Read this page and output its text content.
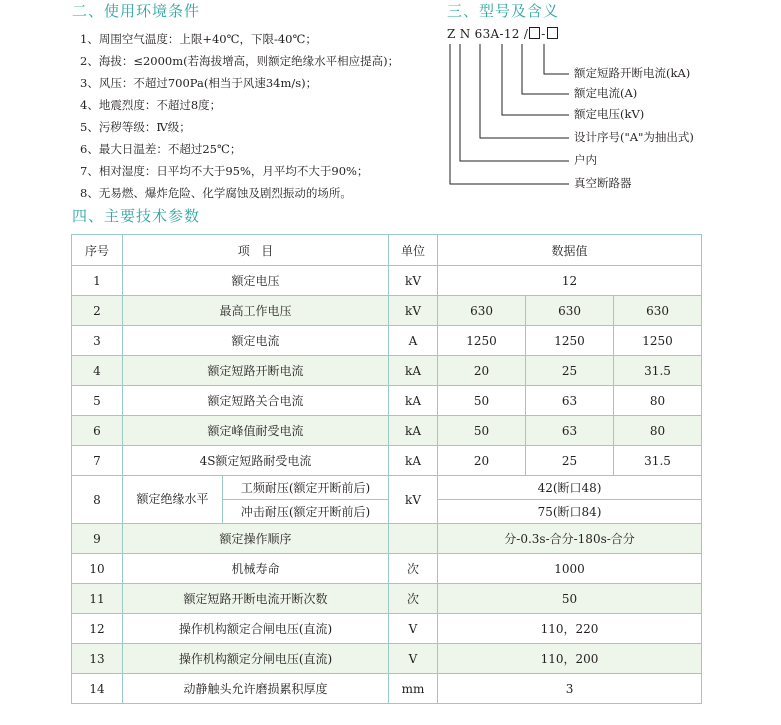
二、使用环境条件
1、周围空气温度：上限+40℃，下限-40℃；
2、海拔：≤2000m(若海拔增高，则额定绝缘水平相应提高)；
3、风压：不超过700Pa(相当于风速34m/s)；
4、地震烈度：不超过8度；
5、污秽等级：Ⅳ级；
6、最大日温差：不超过25℃；
7、相对湿度：日平均不大于95%，月平均不大于90%；
8、无易燃、爆炸危险、化学腐蚀及剧烈振动的场所。
三、型号及含义
Z N 63A-12 / -
额定短路开断电流(kA)
额定电流(A)
额定电压(kV)
设计序号("A"为抽出式)
户内
真空断路器
四、主要技术参数
序号	项   目		单位	数据值		
1	额定电压		kV	12		
2	最高工作电压		kV	630	630	630
3	额定电流		A	1250	1250	1250
4	额定短路开断电流		kA	20	25	31.5
5	额定短路关合电流		kA	50	63	80
6	额定峰值耐受电流		kA	50	63	80
7	4S额定短路耐受电流		kA	20	25	31.5
8	额定绝缘水平	工频耐压(额定开断前后)	kV	42(断口48)		
		冲击耐压(额定开断前后)		75(断口84)		
9	额定操作顺序			分-0.3s-合分-180s-合分		
10	机械寿命		次	1000		
11	额定短路开断电流开断次数		次	50		
12	操作机构额定合闸电压(直流)		V	110，220		
13	操作机构额定分闸电压(直流)		V	110，200		
14	动静触头允许磨损累积厚度		mm	3		
